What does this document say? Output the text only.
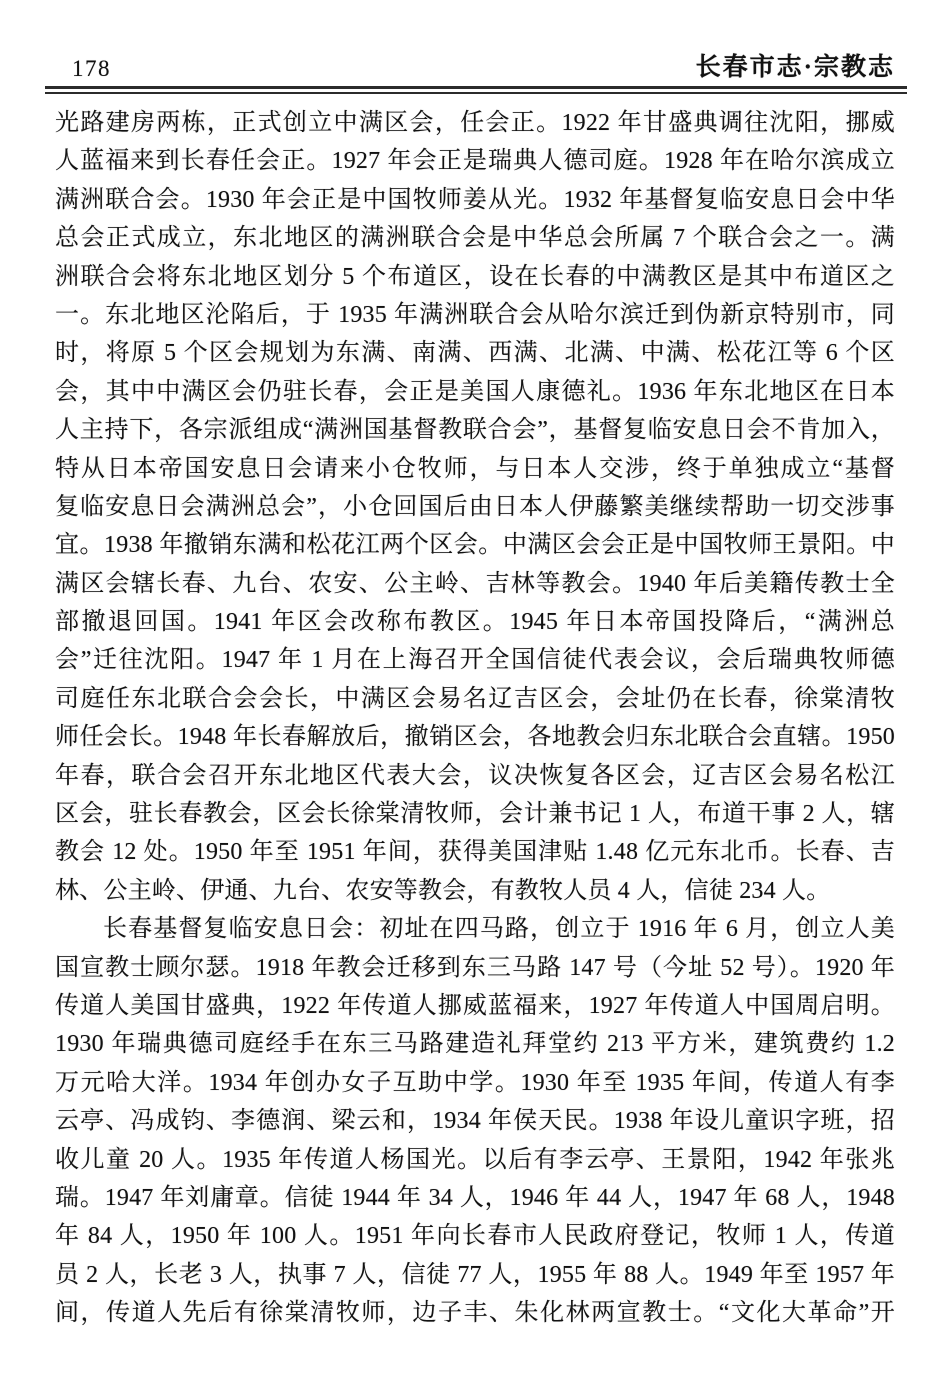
178	长春市志·宗教志
光路建房两栋，正式创立中满区会，任会正。1922 年甘盛典调往沈阳，挪威
人蓝福来到长春任会正。1927 年会正是瑞典人德司庭。1928 年在哈尔滨成立
满洲联合会。1930 年会正是中国牧师姜从光。1932 年基督复临安息日会中华
总会正式成立，东北地区的满洲联合会是中华总会所属 7 个联合会之一。满
洲联合会将东北地区划分 5 个布道区，设在长春的中满教区是其中布道区之
一。东北地区沦陷后，于 1935 年满洲联合会从哈尔滨迁到伪新京特别市，同
时，将原 5 个区会规划为东满、南满、西满、北满、中满、松花江等 6 个区
会，其中中满区会仍驻长春，会正是美国人康德礼。1936 年东北地区在日本
人主持下，各宗派组成“满洲国基督教联合会”，基督复临安息日会不肯加入，
特从日本帝国安息日会请来小仓牧师，与日本人交涉，终于单独成立“基督
复临安息日会满洲总会”，小仓回国后由日本人伊藤繁美继续帮助一切交涉事
宜。1938 年撤销东满和松花江两个区会。中满区会会正是中国牧师王景阳。中
满区会辖长春、九台、农安、公主岭、吉林等教会。1940 年后美籍传教士全
部撤退回国。1941 年区会改称布教区。1945 年日本帝国投降后，“满洲总
会”迁往沈阳。1947 年 1 月在上海召开全国信徒代表会议，会后瑞典牧师德
司庭任东北联合会会长，中满区会易名辽吉区会，会址仍在长春，徐棠清牧
师任会长。1948 年长春解放后，撤销区会，各地教会归东北联合会直辖。1950
年春，联合会召开东北地区代表大会，议决恢复各区会，辽吉区会易名松江
区会，驻长春教会，区会长徐棠清牧师，会计兼书记 1 人，布道干事 2 人，辖
教会 12 处。1950 年至 1951 年间，获得美国津贴 1.48 亿元东北币。长春、吉
林、公主岭、伊通、九台、农安等教会，有教牧人员 4 人，信徒 234 人。
长春基督复临安息日会：初址在四马路，创立于 1916 年 6 月，创立人美
国宣教士顾尔瑟。1918 年教会迁移到东三马路 147 号（今址 52 号）。1920 年
传道人美国甘盛典，1922 年传道人挪威蓝福来，1927 年传道人中国周启明。
1930 年瑞典德司庭经手在东三马路建造礼拜堂约 213 平方米，建筑费约 1.2
万元哈大洋。1934 年创办女子互助中学。1930 年至 1935 年间，传道人有李
云亭、冯成钧、李德润、梁云和，1934 年侯天民。1938 年设儿童识字班，招
收儿童 20 人。1935 年传道人杨国光。以后有李云亭、王景阳，1942 年张兆
瑞。1947 年刘庸章。信徒 1944 年 34 人，1946 年 44 人，1947 年 68 人，1948
年 84 人，1950 年 100 人。1951 年向长春市人民政府登记，牧师 1 人，传道
员 2 人，长老 3 人，执事 7 人，信徒 77 人，1955 年 88 人。1949 年至 1957 年
间，传道人先后有徐棠清牧师，边子丰、朱化林两宣教士。“文化大革命”开
